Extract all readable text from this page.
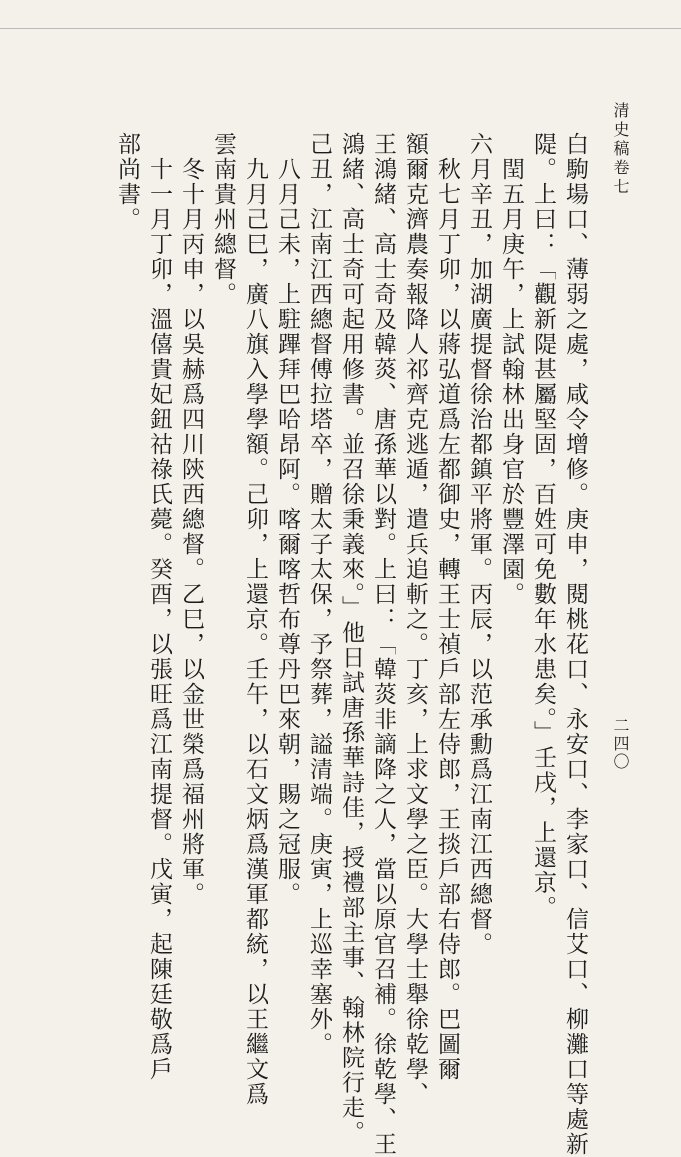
清史稿卷七
二四〇
白駒場口、薄弱之處，咸令增修。庚申，閱桃花口、永安口、李家口、信艾口、柳灘口等處新
隄。上曰：「觀新隄甚屬堅固，百姓可免數年水患矣。」壬戌，上還京。
閏五月庚午，上試翰林出身官於豐澤園。
六月辛丑，加湖廣提督徐治都鎮平將軍。丙辰，以范承勳爲江南江西總督。
秋七月丁卯，以蔣弘道爲左都御史，轉王士禎戶部左侍郎，王掞戶部右侍郎。巴圖爾
額爾克濟農奏報降人祁齊克逃遁，遣兵追斬之。丁亥，上求文學之臣。大學士舉徐乾學、
王鴻緒、高士奇及韓菼、唐孫華以對。上曰：「韓菼非謫降之人，當以原官召補。徐乾學、王
鴻緒、高士奇可起用修書。並召徐秉義來。」他日試唐孫華詩佳，授禮部主事、翰林院行走。
己丑，江南江西總督傅拉塔卒，贈太子太保，予祭葬，謚清端。庚寅，上巡幸塞外。
八月己未，上駐蹕拜巴哈昂阿。喀爾喀哲布尊丹巴來朝，賜之冠服。
九月己巳，廣八旗入學學額。己卯，上還京。壬午，以石文炳爲漢軍都統，以王繼文爲
雲南貴州總督。
冬十月丙申，以吳赫爲四川陝西總督。乙巳，以金世榮爲福州將軍。
十一月丁卯，溫僖貴妃鈕祜祿氏薨。癸酉，以張旺爲江南提督。戊寅，起陳廷敬爲戶
部尚書。
